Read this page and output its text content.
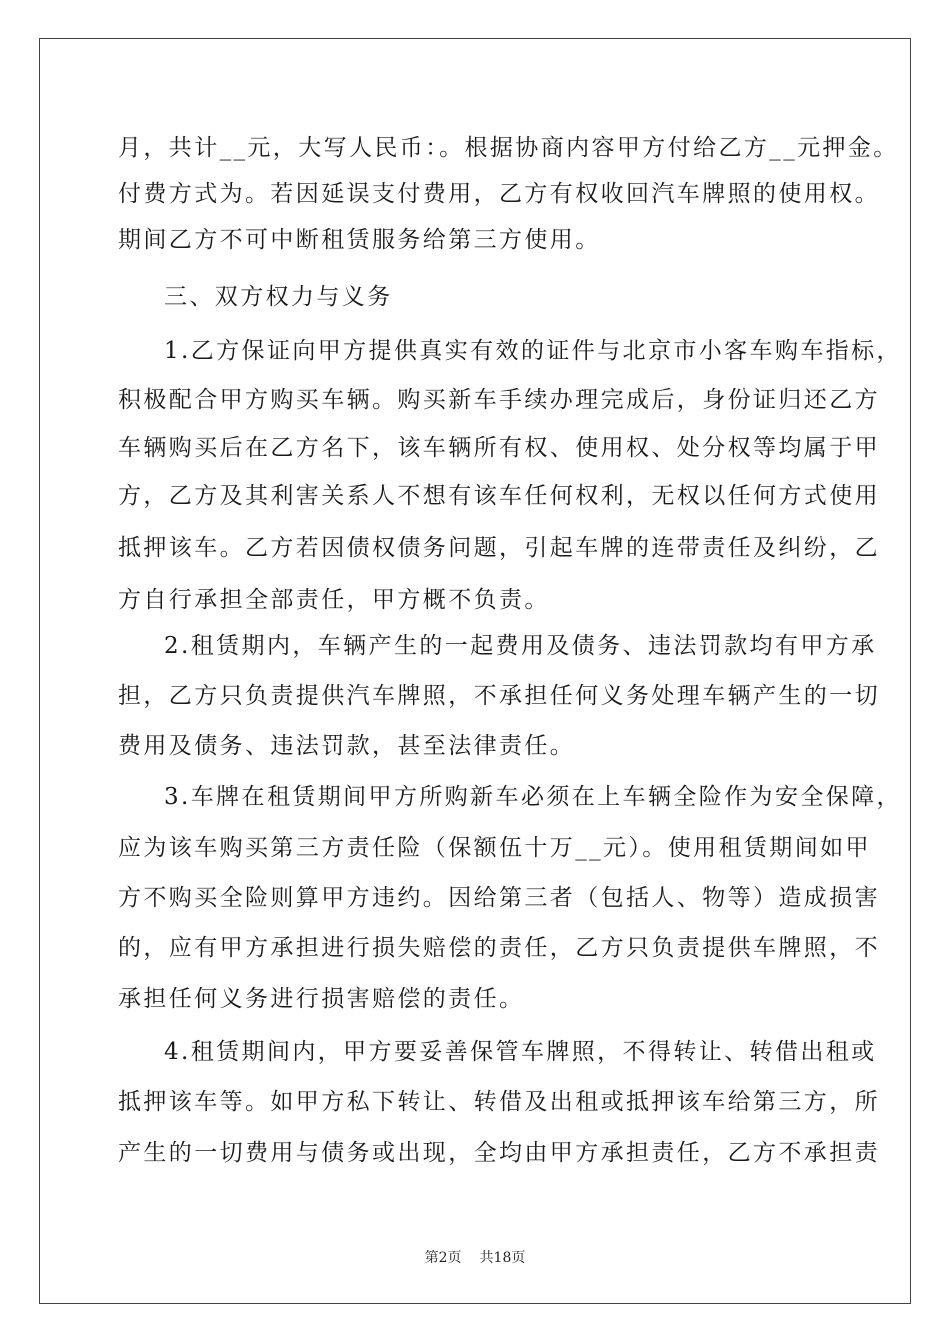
月，共计__元，大写人民币：。根据协商内容甲方付给乙方__元押金。
付费方式为。若因延误支付费用，乙方有权收回汽车牌照的使用权。
期间乙方不可中断租赁服务给第三方使用。
三、双方权力与义务
1.乙方保证向甲方提供真实有效的证件与北京市小客车购车指标，
积极配合甲方购买车辆。购买新车手续办理完成后，身份证归还乙方
车辆购买后在乙方名下，该车辆所有权、使用权、处分权等均属于甲
方，乙方及其利害关系人不想有该车任何权利，无权以任何方式使用
抵押该车。乙方若因债权债务问题，引起车牌的连带责任及纠纷，乙
方自行承担全部责任，甲方概不负责。
2.租赁期内，车辆产生的一起费用及债务、违法罚款均有甲方承
担，乙方只负责提供汽车牌照，不承担任何义务处理车辆产生的一切
费用及债务、违法罚款，甚至法律责任。
3.车牌在租赁期间甲方所购新车必须在上车辆全险作为安全保障，
应为该车购买第三方责任险（保额伍十万__元）。使用租赁期间如甲
方不购买全险则算甲方违约。因给第三者（包括人、物等）造成损害
的，应有甲方承担进行损失赔偿的责任，乙方只负责提供车牌照，不
承担任何义务进行损害赔偿的责任。
4.租赁期间内，甲方要妥善保管车牌照，不得转让、转借出租或
抵押该车等。如甲方私下转让、转借及出租或抵押该车给第三方，所
产生的一切费用与债务或出现，全均由甲方承担责任，乙方不承担责
第2页 共18页
